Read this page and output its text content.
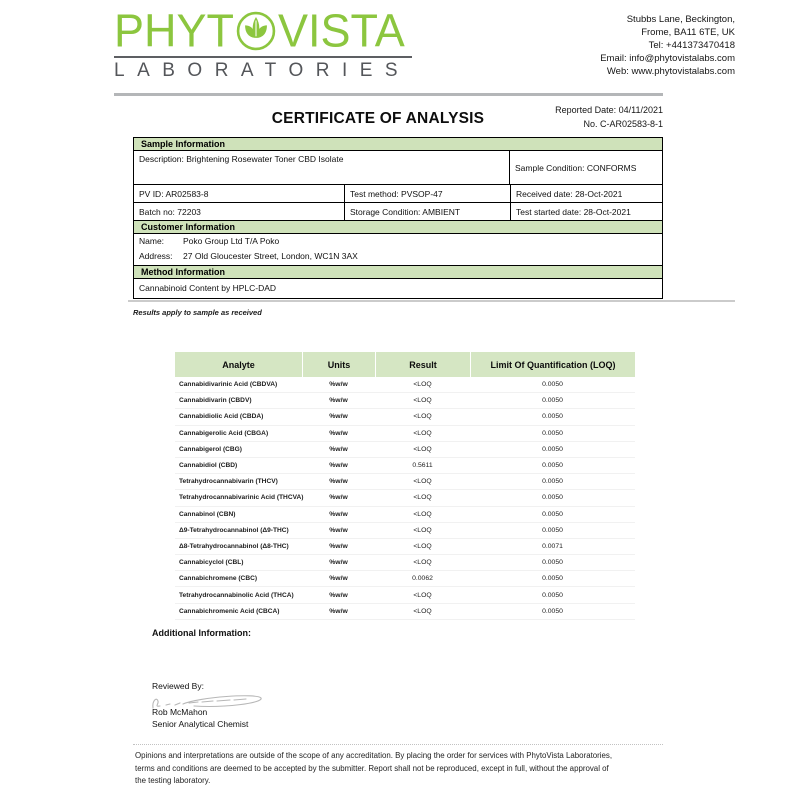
PHYT VISTA
LABORATORIES
Stubbs Lane, Beckington,
Frome, BA11 6TE, UK
Tel: +441373470418
Email: info@phytovistalabs.com
Web: www.phytovistalabs.com
CERTIFICATE OF ANALYSIS	Reported Date: 04/11/2021
No. C-AR02583-8-1
Sample Information
Description: Brightening Rosewater Toner CBD Isolate
Sample Condition: CONFORMS
PV ID: AR02583-8	Test method: PVSOP-47	Received date: 28-Oct-2021
Batch no: 72203	Storage Condition: AMBIENT	Test started date: 28-Oct-2021
Customer Information
Name:	Poko Group Ltd T/A Poko
Address:	27 Old Gloucester Street, London, WC1N 3AX
Method Information
Cannabinoid Content by HPLC-DAD
Results apply to sample as received
Analyte	Units	Result	Limit Of Quantification (LOQ)
Cannabidivarinic Acid (CBDVA)	%w/w	<LOQ	0.0050
Cannabidivarin (CBDV)	%w/w	<LOQ	0.0050
Cannabidiolic Acid (CBDA)	%w/w	<LOQ	0.0050
Cannabigerolic Acid (CBGA)	%w/w	<LOQ	0.0050
Cannabigerol (CBG)	%w/w	<LOQ	0.0050
Cannabidiol (CBD)	%w/w	0.5611	0.0050
Tetrahydrocannabivarin (THCV)	%w/w	<LOQ	0.0050
Tetrahydrocannabivarinic Acid (THCVA)	%w/w	<LOQ	0.0050
Cannabinol (CBN)	%w/w	<LOQ	0.0050
Δ9-Tetrahydrocannabinol (Δ9-THC)	%w/w	<LOQ	0.0050
Δ8-Tetrahydrocannabinol (Δ8-THC)	%w/w	<LOQ	0.0071
Cannabicyclol (CBL)	%w/w	<LOQ	0.0050
Cannabichromene (CBC)	%w/w	0.0062	0.0050
Tetrahydrocannabinolic Acid (THCA)	%w/w	<LOQ	0.0050
Cannabichromenic Acid (CBCA)	%w/w	<LOQ	0.0050
Additional Information:
Reviewed By:
Rob McMahon
Senior Analytical Chemist
Opinions and interpretations are outside of the scope of any accreditation. By placing the order for services with PhytoVista Laboratories,
terms and conditions are deemed to be accepted by the submitter. Report shall not be reproduced, except in full, without the approval of
the testing laboratory.
